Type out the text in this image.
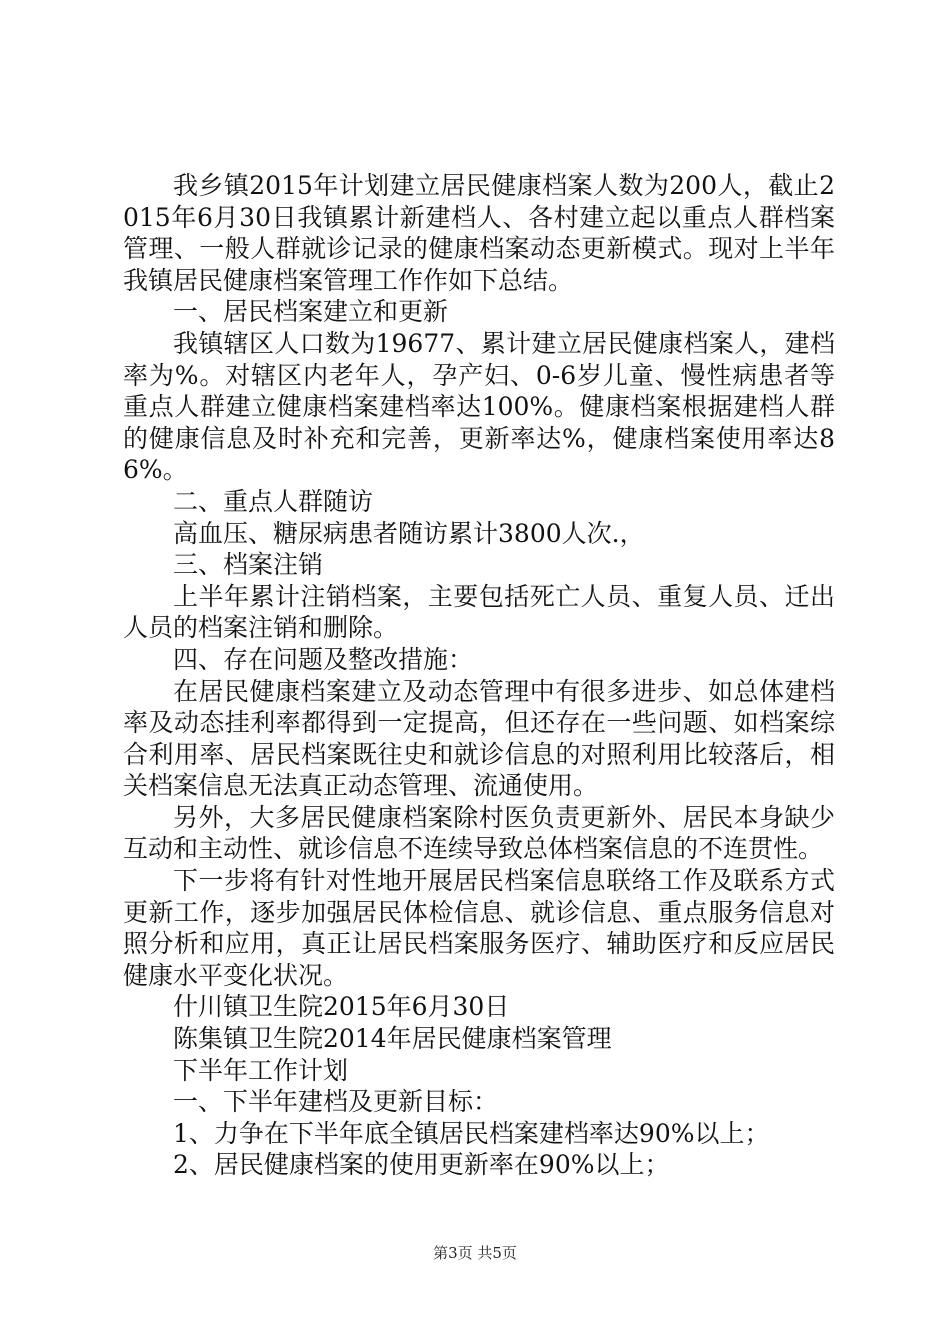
我乡镇2015年计划建立居民健康档案人数为200人，截止2015年6月30日我镇累计新建档人、各村建立起以重点人群档案管理、一般人群就诊记录的健康档案动态更新模式。现对上半年我镇居民健康档案管理工作作如下总结。

一、居民档案建立和更新

我镇辖区人口数为19677、累计建立居民健康档案人，建档率为%。对辖区内老年人，孕产妇、0-6岁儿童、慢性病患者等重点人群建立健康档案建档率达100%。健康档案根据建档人群的健康信息及时补充和完善，更新率达%，健康档案使用率达86%。

二、重点人群随访

高血压、糖尿病患者随访累计3800人次.，

三、档案注销

上半年累计注销档案，主要包括死亡人员、重复人员、迁出人员的档案注销和删除。

四、存在问题及整改措施：

在居民健康档案建立及动态管理中有很多进步、如总体建档率及动态挂利率都得到一定提高，但还存在一些问题、如档案综合利用率、居民档案既往史和就诊信息的对照利用比较落后，相关档案信息无法真正动态管理、流通使用。

另外，大多居民健康档案除村医负责更新外、居民本身缺少互动和主动性、就诊信息不连续导致总体档案信息的不连贯性。

下一步将有针对性地开展居民档案信息联络工作及联系方式更新工作，逐步加强居民体检信息、就诊信息、重点服务信息对照分析和应用，真正让居民档案服务医疗、辅助医疗和反应居民健康水平变化状况。

什川镇卫生院2015年6月30日

陈集镇卫生院2014年居民健康档案管理

下半年工作计划

一、下半年建档及更新目标：

1、力争在下半年底全镇居民档案建档率达90%以上；

2、居民健康档案的使用更新率在90%以上；

第3页 共5页
